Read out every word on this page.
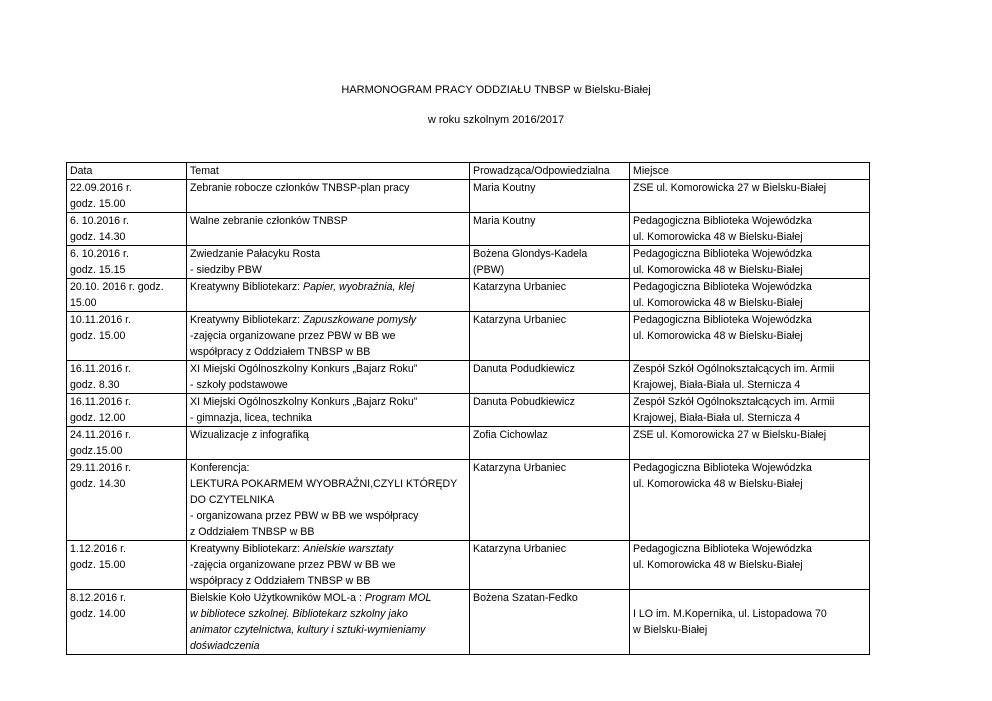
HARMONOGRAM PRACY ODDZIAŁU TNBSP w Bielsku-Białej
w roku szkolnym 2016/2017
Data	Temat	Prowadząca/Odpowiedzialna	Miejsce

22.09.2016 r.
godz. 15.00	Zebranie robocze członków TNBSP-plan pracy	Maria Koutny	ZSE ul. Komorowicka 27 w Bielsku-Białej

6. 10.2016 r.
godz. 14.30	Walne zebranie członków TNBSP	Maria Koutny	Pedagogiczna Biblioteka Wojewódzka
ul. Komorowicka 48 w Bielsku-Białej

6. 10.2016 r.
godz. 15.15	Zwiedzanie Pałacyku Rosta
- siedziby PBW	Bożena Glondys-Kadela
(PBW)	Pedagogiczna Biblioteka Wojewódzka
ul. Komorowicka 48 w Bielsku-Białej

20.10. 2016 r. godz.
15.00	Kreatywny Bibliotekarz: Papier, wyobraźnia, klej	Katarzyna Urbaniec	Pedagogiczna Biblioteka Wojewódzka
ul. Komorowicka 48 w Bielsku-Białej

10.11.2016 r.
godz. 15.00	Kreatywny Bibliotekarz: Zapuszkowane pomysły
-zajęcia organizowane przez PBW w BB we
współpracy z Oddziałem TNBSP w BB	Katarzyna Urbaniec	Pedagogiczna Biblioteka Wojewódzka
ul. Komorowicka 48 w Bielsku-Białej

16.11.2016 r.
godz. 8.30	XI Miejski Ogólnoszkolny Konkurs „Bajarz Roku”
- szkoły podstawowe	Danuta Podudkiewicz	Zespół Szkół Ogólnokształcących im. Armii
Krajowej, Biała-Biała ul. Sternicza 4

16.11.2016 r.
godz. 12.00	XI Miejski Ogólnoszkolny Konkurs „Bajarz Roku”
- gimnazja, licea, technika	Danuta Pobudkiewicz	Zespół Szkół Ogólnokształcących im. Armii
Krajowej, Biała-Biała ul. Sternicza 4

24.11.2016 r.
godz.15.00	Wizualizacje z infografiką	Zofia Cichowlaz	ZSE ul. Komorowicka 27 w Bielsku-Białej

29.11.2016 r.
godz. 14.30	Konferencja:
LEKTURA POKARMEM WYOBRAŹNI,CZYLI KTÓRĘDY
DO CZYTELNIKA
- organizowana przez PBW w BB we współpracy
z Oddziałem TNBSP w BB	Katarzyna Urbaniec	Pedagogiczna Biblioteka Wojewódzka
ul. Komorowicka 48 w Bielsku-Białej

1.12.2016 r.
godz. 15.00	Kreatywny Bibliotekarz: Anielskie warsztaty
-zajęcia organizowane przez PBW w BB we
współpracy z Oddziałem TNBSP w BB	Katarzyna Urbaniec	Pedagogiczna Biblioteka Wojewódzka
ul. Komorowicka 48 w Bielsku-Białej

8.12.2016 r.
godz. 14.00	Bielskie Koło Użytkowników MOL-a : Program MOL
w bibliotece szkolnej. Bibliotekarz szkolny jako
animator czytelnictwa, kultury i sztuki-wymieniamy
doświadczenia	Bożena Szatan-Fedko	I LO im. M.Kopernika, ul. Listopadowa 70
w Bielsku-Białej
